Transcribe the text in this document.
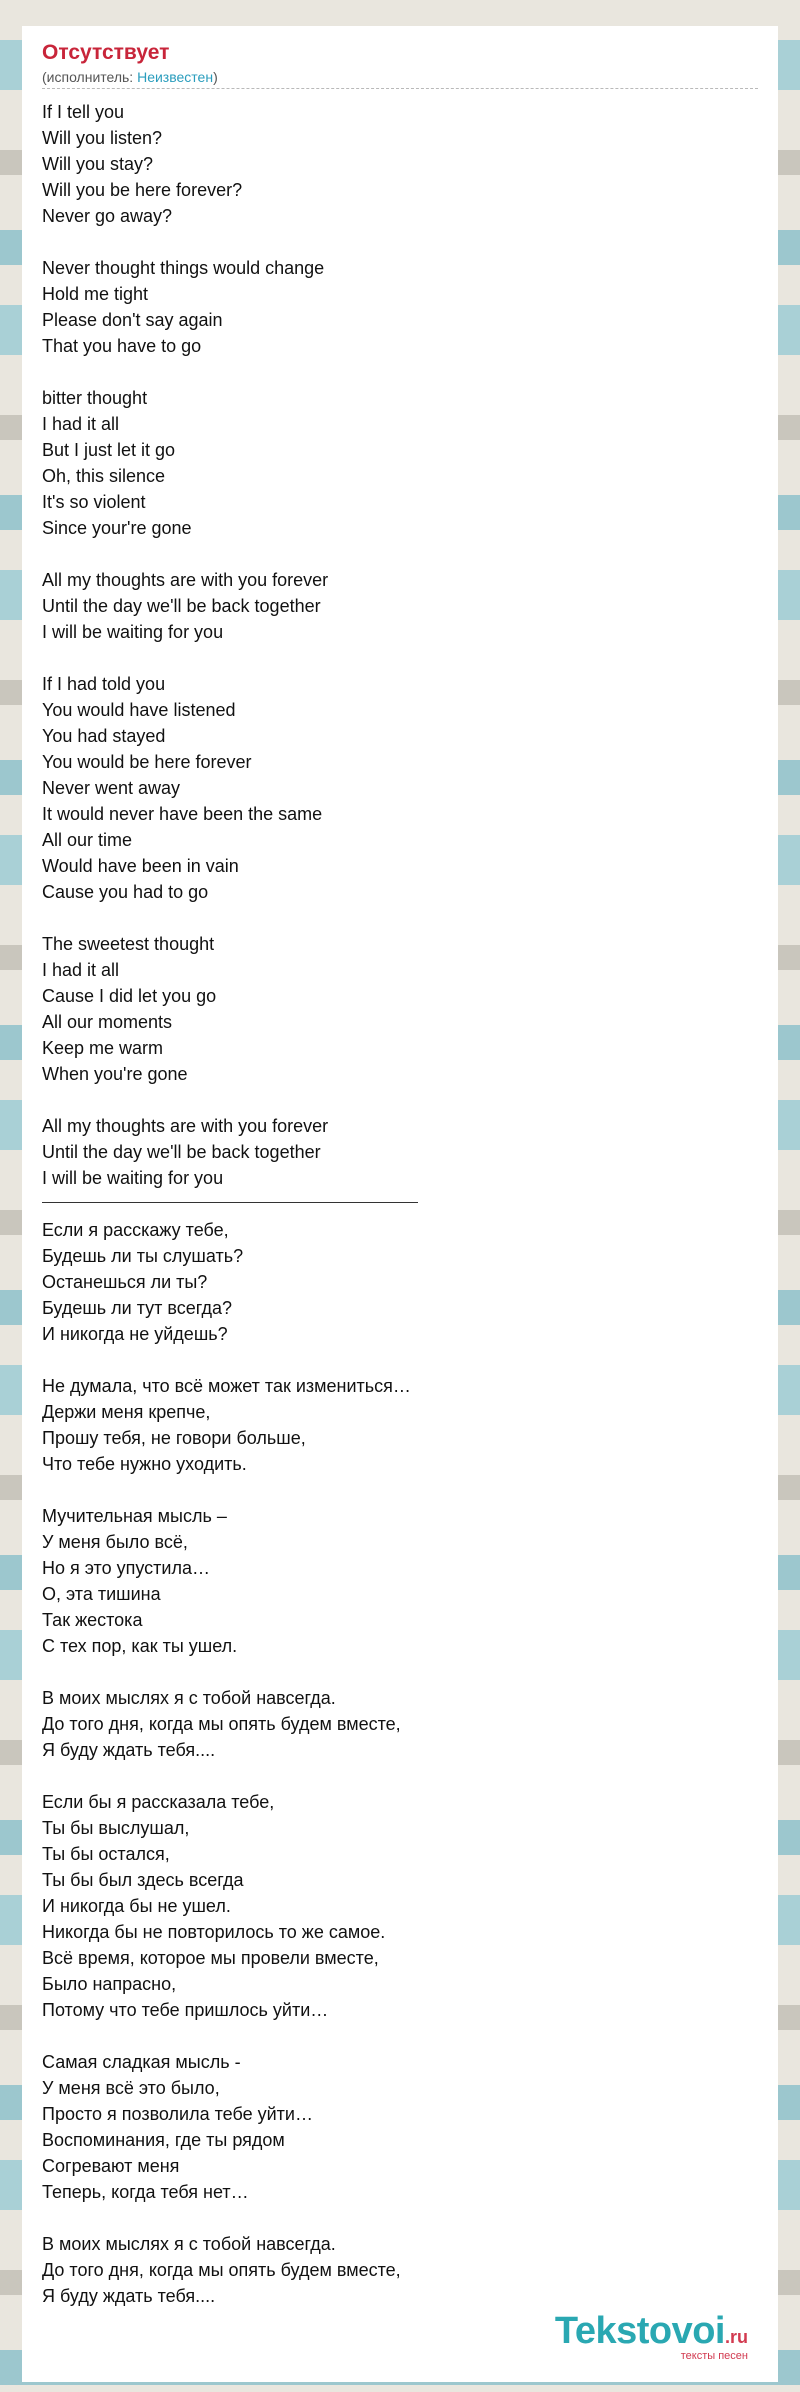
Отсутствует
(исполнитель: Неизвестен)
If I tell you
Will you listen?
Will you stay?
Will you be here forever?
Never go away?
Never thought things would change
Hold me tight
Please don't say again
That you have to go
bitter thought
I had it all
But I just let it go
Oh, this silence
It's so violent
Since your're gone
All my thoughts are with you forever
Until the day we'll be back together
I will be waiting for you
If I had told you
You would have listened
You had stayed
You would be here forever
Never went away
It would never have been the same
All our time
Would have been in vain
Cause you had to go
The sweetest thought
I had it all
Cause I did let you go
All our moments
Keep me warm
When you're gone
All my thoughts are with you forever
Until the day we'll be back together
I will be waiting for you
Если я расскажу тебе,
Будешь ли ты слушать?
Останешься ли ты?
Будешь ли тут всегда?
И никогда не уйдешь?
Не думала, что всё может так измениться…
Держи меня крепче,
Прошу тебя, не говори больше,
Что тебе нужно уходить.
Мучительная мысль –
У меня было всё,
Но я это упустила…
О, эта тишина
Так жестока
С тех пор, как ты ушел.
В моих мыслях я с тобой навсегда.
До того дня, когда мы опять будем вместе,
Я буду ждать тебя....
Если бы я рассказала тебе,
Ты бы выслушал,
Ты бы остался,
Ты бы был здесь всегда
И никогда бы не ушел.
Никогда бы не повторилось то же самое.
Всё время, которое мы провели вместе,
Было напрасно,
Потому что тебе пришлось уйти…
Самая сладкая мысль -
У меня всё это было,
Просто я позволила тебе уйти…
Воспоминания, где ты рядом
Согревают меня
Теперь, когда тебя нет…
В моих мыслях я с тобой навсегда.
До того дня, когда мы опять будем вместе,
Я буду ждать тебя....
Tekstovoi.ru
тексты песен
